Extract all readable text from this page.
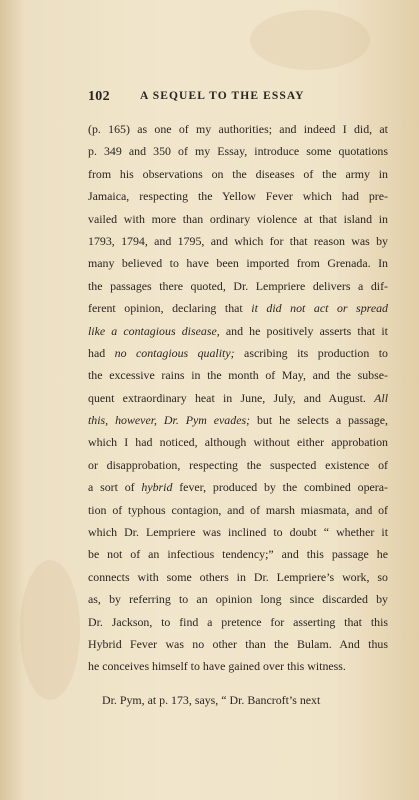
102	A SEQUEL TO THE ESSAY
(p. 165) as one of my authorities; and indeed I did, at
p. 349 and 350 of my Essay, introduce some quotations
from his observations on the diseases of the army in
Jamaica, respecting the Yellow Fever which had pre-
vailed with more than ordinary violence at that island in
1793, 1794, and 1795, and which for that reason was by
many believed to have been imported from Grenada. In
the passages there quoted, Dr. Lempriere delivers a dif-
ferent opinion, declaring that it did not act or spread
like a contagious disease, and he positively asserts that it
had no contagious quality; ascribing its production to
the excessive rains in the month of May, and the subse-
quent extraordinary heat in June, July, and August. All
this, however, Dr. Pym evades; but he selects a passage,
which I had noticed, although without either approbation
or disapprobation, respecting the suspected existence of
a sort of hybrid fever, produced by the combined opera-
tion of typhous contagion, and of marsh miasmata, and of
which Dr. Lempriere was inclined to doubt “ whether it
be not of an infectious tendency;” and this passage he
connects with some others in Dr. Lempriere’s work, so
as, by referring to an opinion long since discarded by
Dr. Jackson, to find a pretence for asserting that this
Hybrid Fever was no other than the Bulam. And thus
he conceives himself to have gained over this witness.
Dr. Pym, at p. 173, says, “ Dr. Bancroft’s next
